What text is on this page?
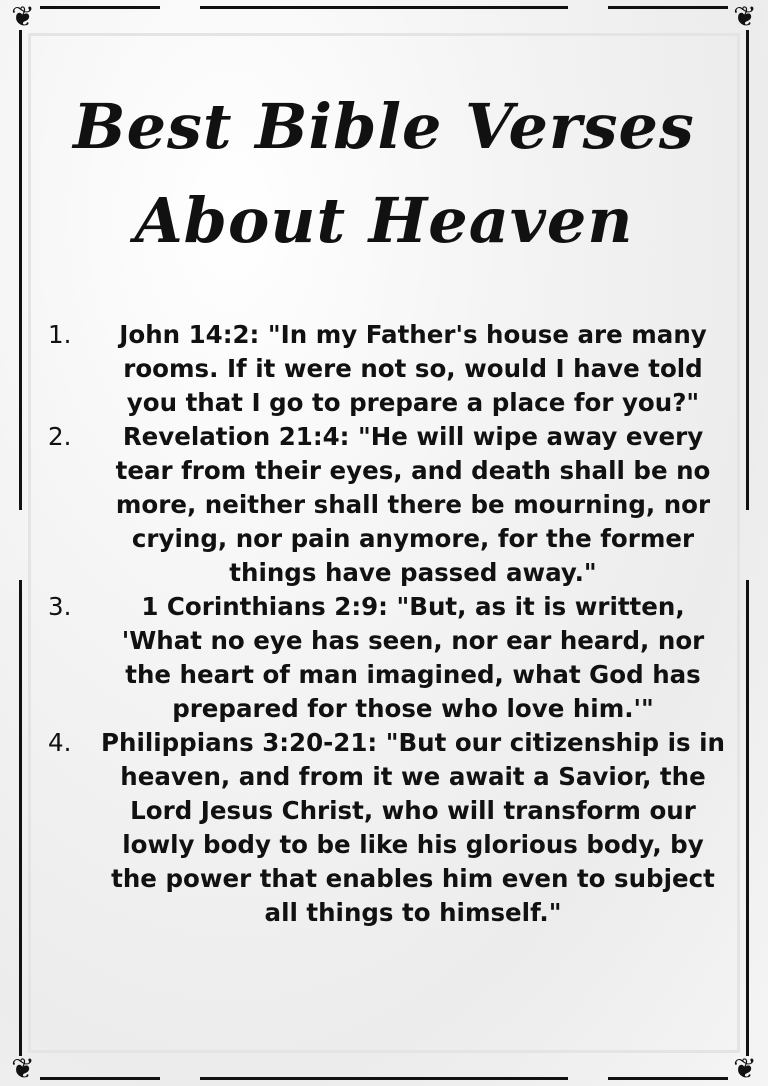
❦	❦
❦	❦
Best Bible Verses
About Heaven
1.	John 14:2: "In my Father's house are many rooms. If it were not so, would I have told you that I go to prepare a place for you?"
2.	Revelation 21:4: "He will wipe away every tear from their eyes, and death shall be no more, neither shall there be mourning, nor crying, nor pain anymore, for the former things have passed away."
3.	1 Corinthians 2:9: "But, as it is written, 'What no eye has seen, nor ear heard, nor the heart of man imagined, what God has prepared for those who love him.'"
4.	Philippians 3:20-21: "But our citizenship is in heaven, and from it we await a Savior, the Lord Jesus Christ, who will transform our lowly body to be like his glorious body, by the power that enables him even to subject all things to himself."
